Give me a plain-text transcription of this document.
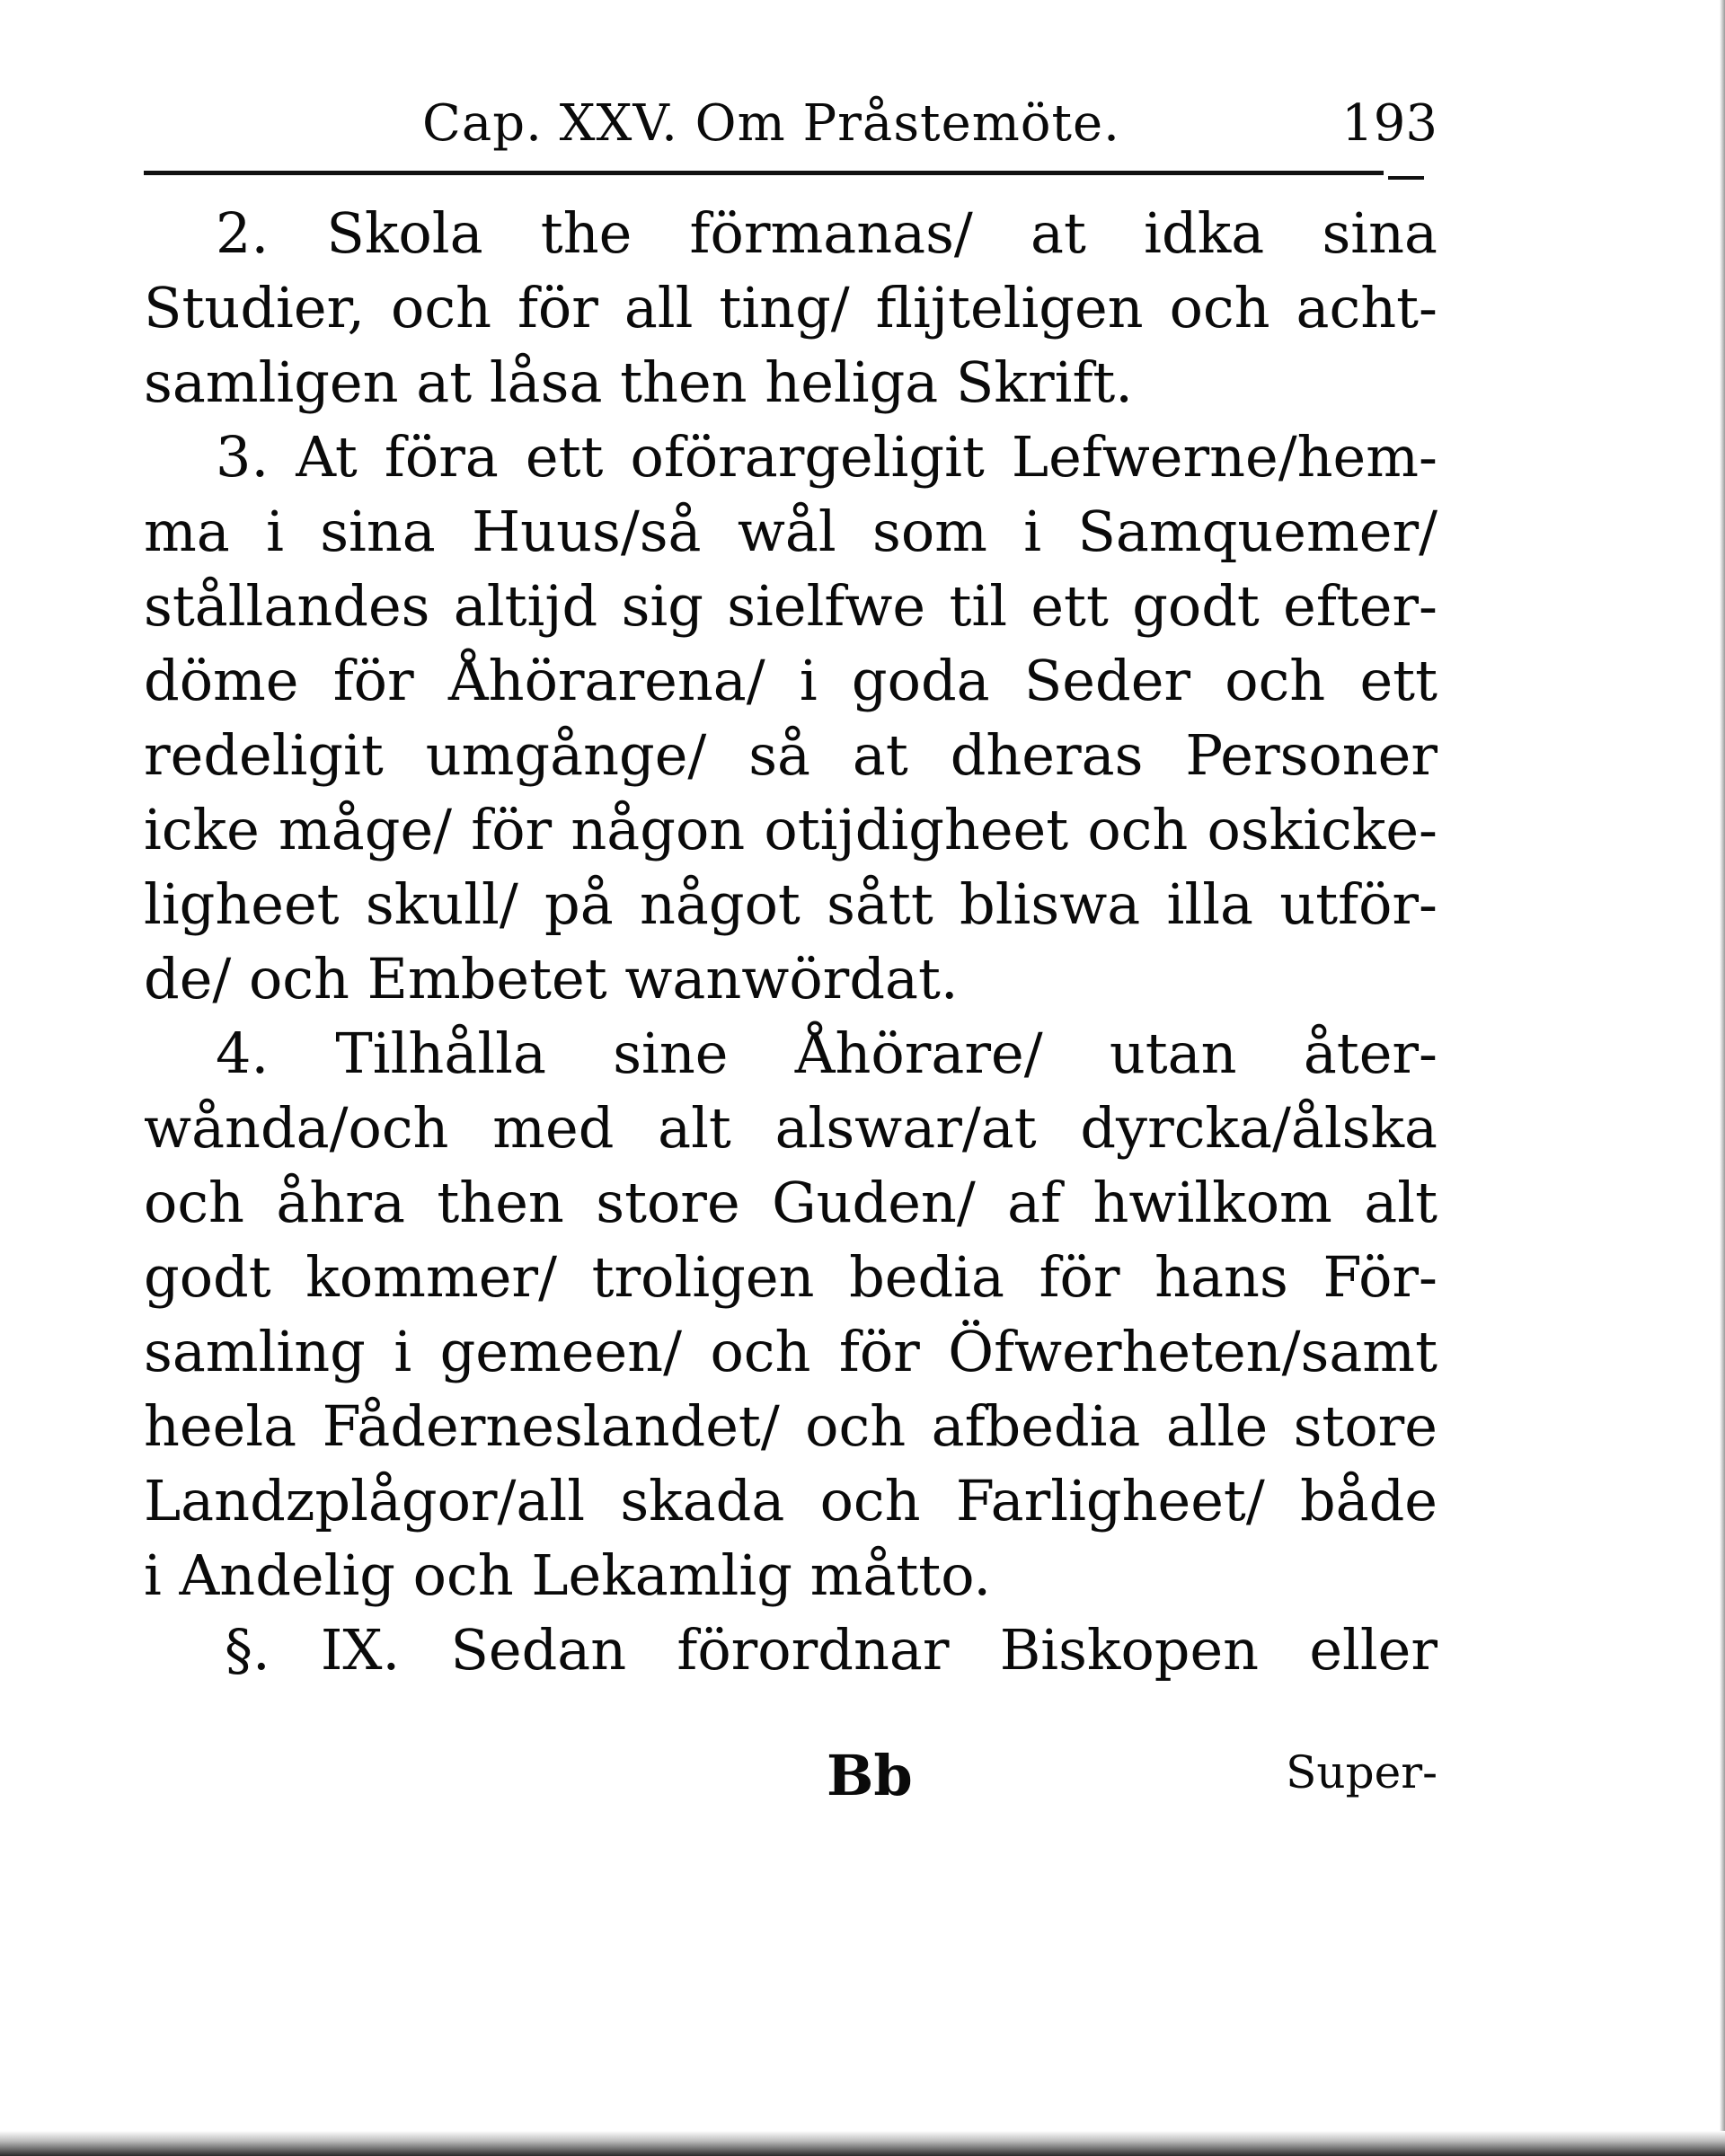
Cap. XXV. Om Pråstemöte.	193
2. Skola the förmanas/ at idka sina
Studier, och för all ting/ flijteligen och acht-
samligen at låsa then heliga Skrift.
3. At föra ett oförargeligit Lefwerne/hem-
ma i sina Huus/så wål som i Samquemer/
stållandes altijd sig sielfwe til ett godt efter-
döme för Åhörarena/ i goda Seder och ett
redeligit umgånge/ så at dheras Personer
icke måge/ för någon otijdigheet och oskicke-
ligheet skull/ på något sått bliswa illa utför-
de/ och Embetet wanwördat.
4. Tilhålla sine Åhörare/ utan åter-
wånda/och med alt alswar/at dyrcka/ålska
och åhra then store Guden/ af hwilkom alt
godt kommer/ troligen bedia för hans För-
samling i gemeen/ och för Öfwerheten/samt
heela Fåderneslandet/ och afbedia alle store
Landzplågor/all skada och Farligheet/ både
i Andelig och Lekamlig måtto.
§. IX. Sedan förordnar Biskopen eller
Bb	Super-
